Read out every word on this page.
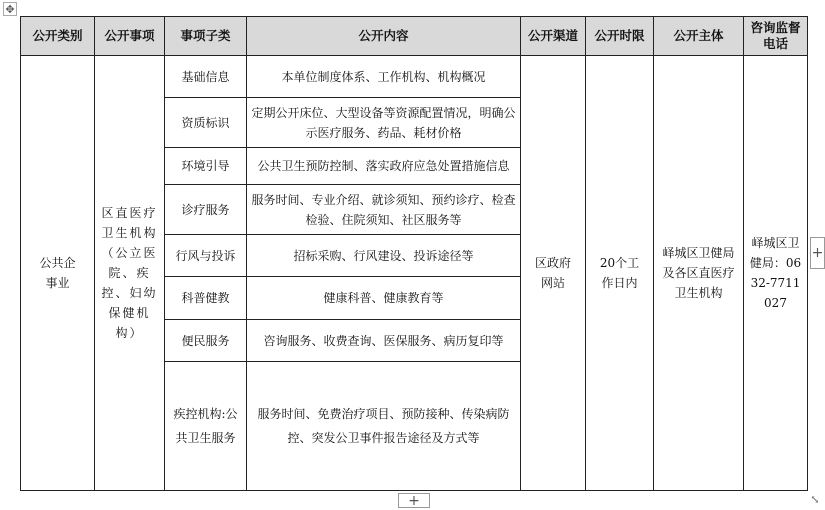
✥
公开类别	公开事项	事项子类	公开内容	公开渠道	公开时限	公开主体	咨询监督电话
公共企事业	区直医疗卫生机构（公立医院、疾控、妇幼保健机构）	基础信息	本单位制度体系、工作机构、机构概况	区政府网站	20个工作日内	峄城区卫健局及各区直医疗卫生机构	峄城区卫健局：0632-7711027
		资质标识	定期公开床位、大型设备等资源配置情况，明确公示医疗服务、药品、耗材价格				
		环境引导	公共卫生预防控制、落实政府应急处置措施信息				
		诊疗服务	服务时间、专业介绍、就诊须知、预约诊疗、检查检验、住院须知、社区服务等				
		行风与投诉	招标采购、行风建设、投诉途径等				
		科普健教	健康科普、健康教育等				
		便民服务	咨询服务、收费查询、医保服务、病历复印等				
		疾控机构:公共卫生服务	服务时间、免费治疗项目、预防接种、传染病防控、突发公卫事件报告途径及方式等				
+
+	⤡
